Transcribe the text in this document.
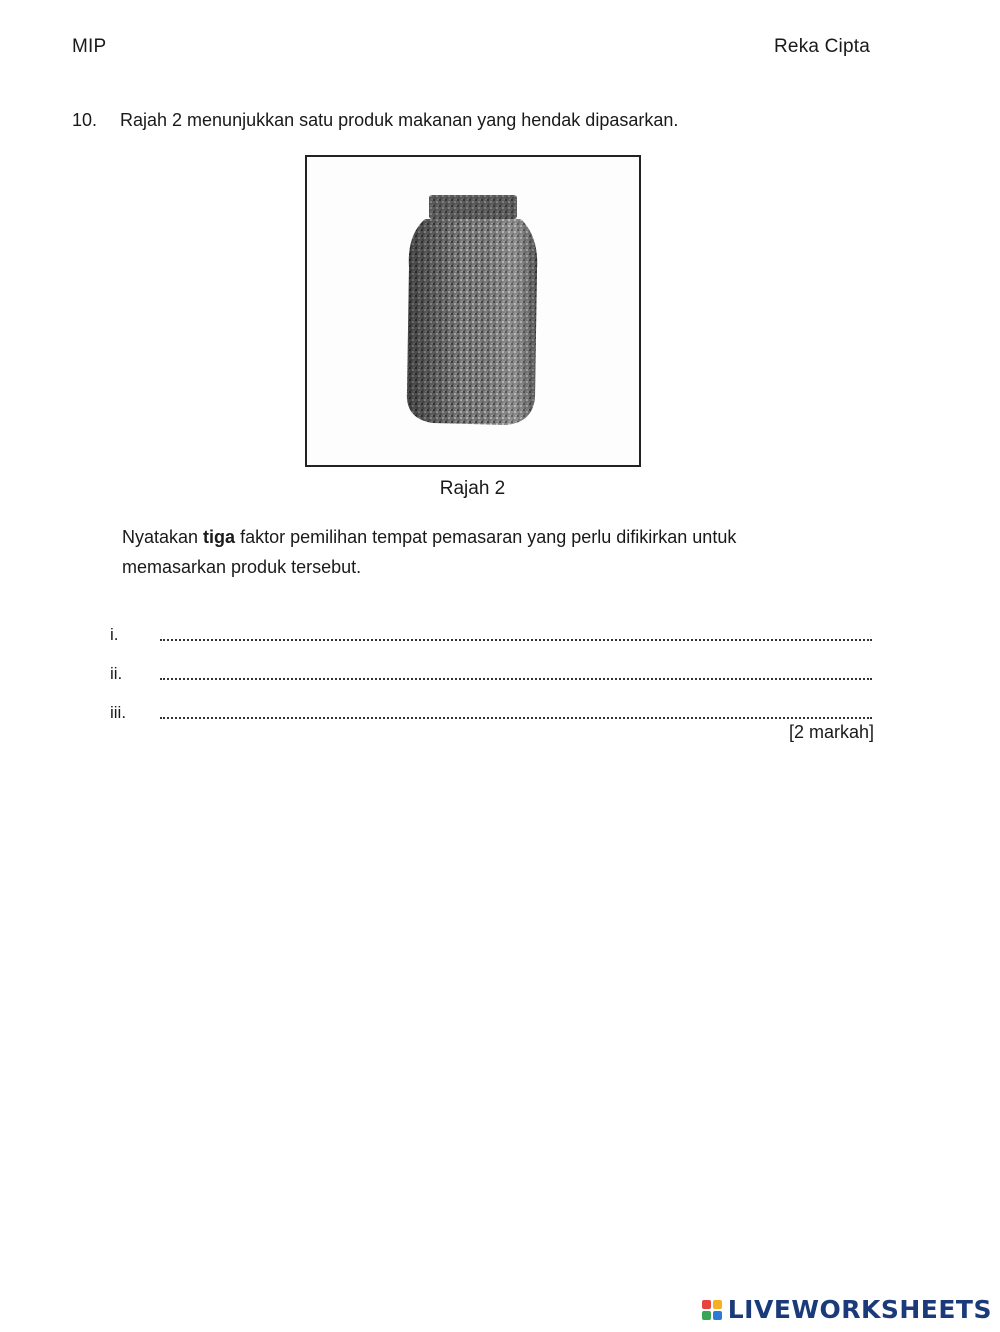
MIP	Reka Cipta
10.	Rajah 2 menunjukkan satu produk makanan yang hendak dipasarkan.
Rajah 2
Nyatakan tiga faktor pemilihan tempat pemasaran yang perlu difikirkan untuk memasarkan produk tersebut.
i.
ii.
iii.
[2 markah]
LIVEWORKSHEETS
